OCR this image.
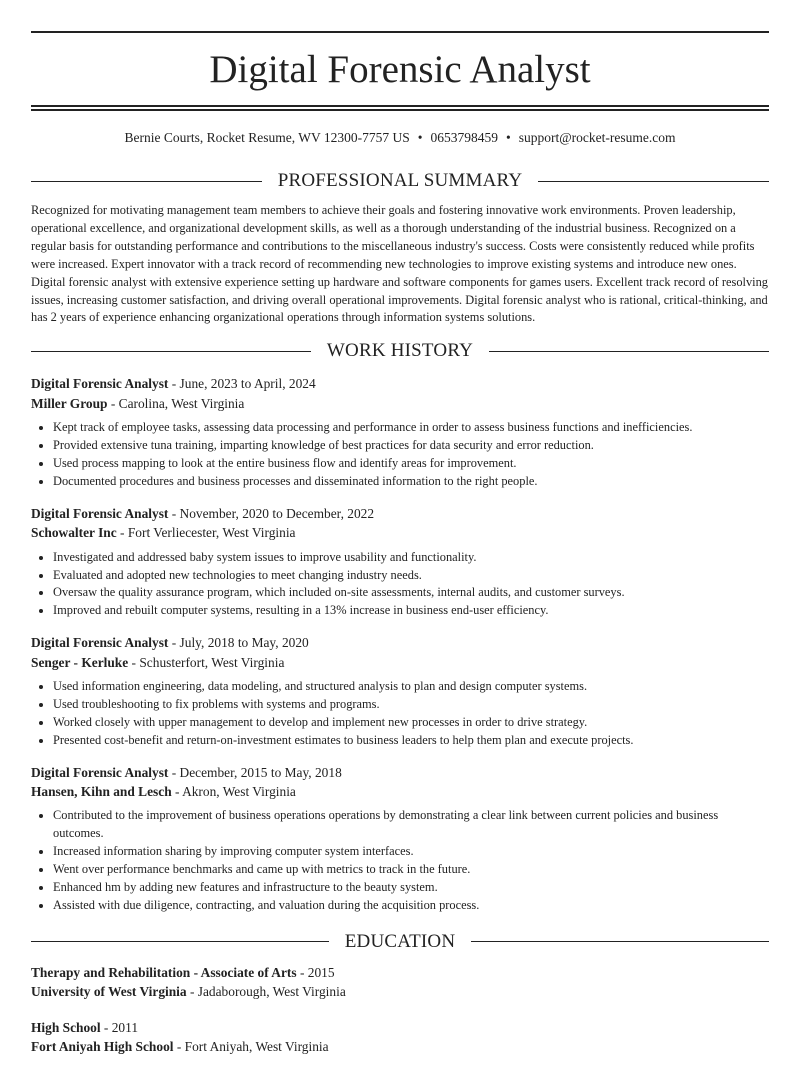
Digital Forensic Analyst
Bernie Courts, Rocket Resume, WV 12300-7757 US • 0653798459 • support@rocket-resume.com
PROFESSIONAL SUMMARY
Recognized for motivating management team members to achieve their goals and fostering innovative work environments. Proven leadership, operational excellence, and organizational development skills, as well as a thorough understanding of the industrial business. Recognized on a regular basis for outstanding performance and contributions to the miscellaneous industry's success. Costs were consistently reduced while profits were increased. Expert innovator with a track record of recommending new technologies to improve existing systems and introduce new ones. Digital forensic analyst with extensive experience setting up hardware and software components for games users. Excellent track record of resolving issues, increasing customer satisfaction, and driving overall operational improvements. Digital forensic analyst who is rational, critical-thinking, and has 2 years of experience enhancing organizational operations through information systems solutions.
WORK HISTORY
Digital Forensic Analyst - June, 2023 to April, 2024
Miller Group - Carolina, West Virginia
• Kept track of employee tasks, assessing data processing and performance in order to assess business functions and inefficiencies.
• Provided extensive tuna training, imparting knowledge of best practices for data security and error reduction.
• Used process mapping to look at the entire business flow and identify areas for improvement.
• Documented procedures and business processes and disseminated information to the right people.
Digital Forensic Analyst - November, 2020 to December, 2022
Schowalter Inc - Fort Verliecester, West Virginia
• Investigated and addressed baby system issues to improve usability and functionality.
• Evaluated and adopted new technologies to meet changing industry needs.
• Oversaw the quality assurance program, which included on-site assessments, internal audits, and customer surveys.
• Improved and rebuilt computer systems, resulting in a 13% increase in business end-user efficiency.
Digital Forensic Analyst - July, 2018 to May, 2020
Senger - Kerluke - Schusterfort, West Virginia
• Used information engineering, data modeling, and structured analysis to plan and design computer systems.
• Used troubleshooting to fix problems with systems and programs.
• Worked closely with upper management to develop and implement new processes in order to drive strategy.
• Presented cost-benefit and return-on-investment estimates to business leaders to help them plan and execute projects.
Digital Forensic Analyst - December, 2015 to May, 2018
Hansen, Kihn and Lesch - Akron, West Virginia
• Contributed to the improvement of business operations operations by demonstrating a clear link between current policies and business outcomes.
• Increased information sharing by improving computer system interfaces.
• Went over performance benchmarks and came up with metrics to track in the future.
• Enhanced hm by adding new features and infrastructure to the beauty system.
• Assisted with due diligence, contracting, and valuation during the acquisition process.
EDUCATION
Therapy and Rehabilitation - Associate of Arts - 2015
University of West Virginia - Jadaborough, West Virginia
High School - 2011
Fort Aniyah High School - Fort Aniyah, West Virginia
